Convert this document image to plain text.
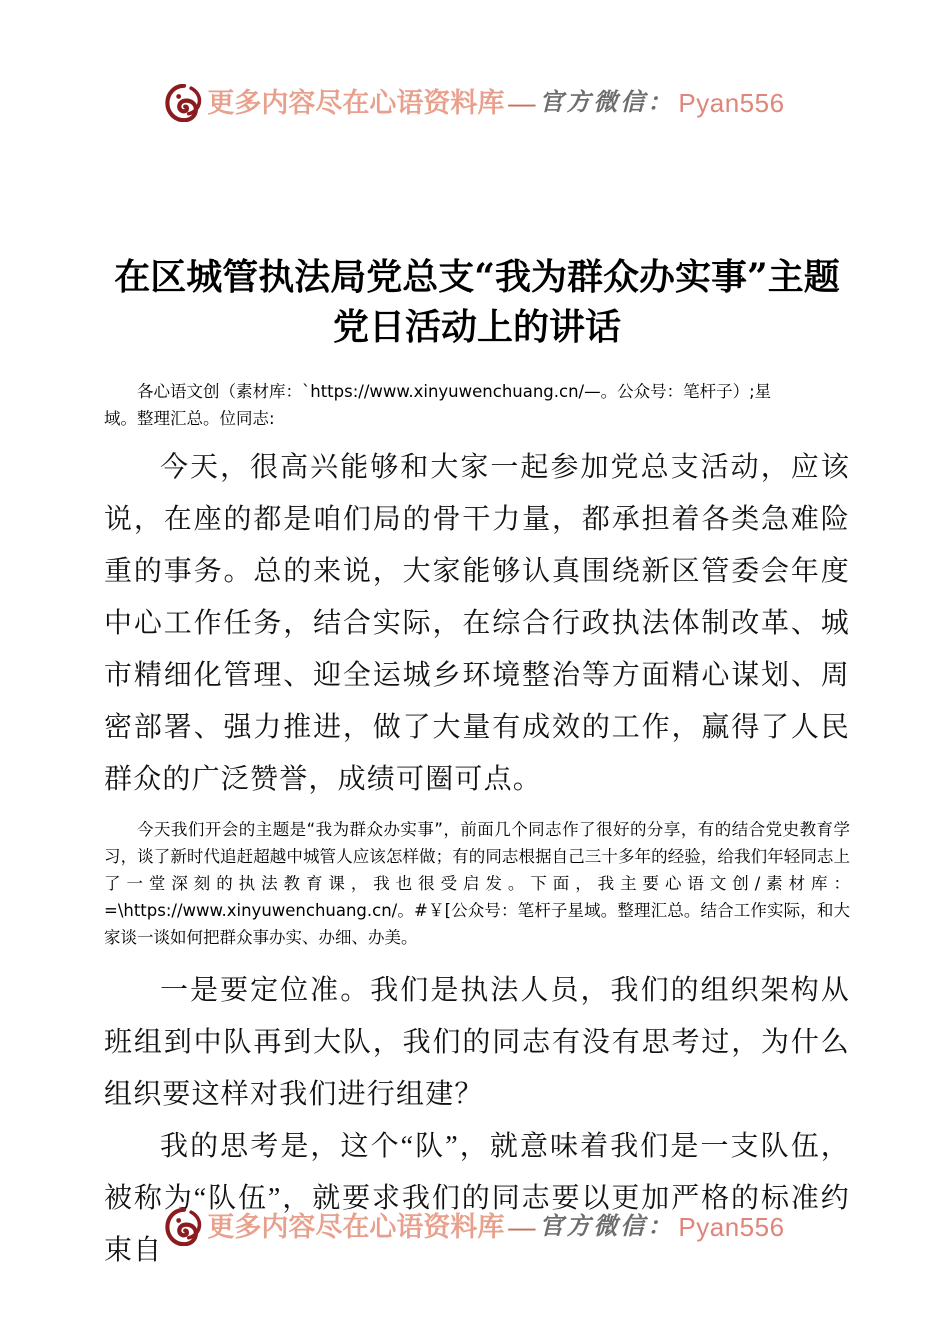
更多内容尽在心语资料库 — 官方微信： Pyan556
在区城管执法局党总支“我为群众办实事”主题党日活动上的讲话

各心语文创（素材库：`https://www.xinyuwenchuang.cn/—。公众号：笔杆子）;星

域。整理汇总。位同志:

今天，很高兴能够和大家一起参加党总支活动，应该说，在座的都是咱们局的骨干力量，都承担着各类急难险重的事务。总的来说，大家能够认真围绕新区管委会年度中心工作任务，结合实际，在综合行政执法体制改革、城市精细化管理、迎全运城乡环境整治等方面精心谋划、周密部署、强力推进，做了大量有成效的工作，赢得了人民群众的广泛赞誉，成绩可圈可点。

今天我们开会的主题是“我为群众办实事”，前面几个同志作了很好的分享，有的结合党史教育学习，谈了新时代追赶超越中城管人应该怎样做；有的同志根据自己三十多年的经验，给我们年轻同志上了一堂深刻的执法教育课，我也很受启发。下面，我主要心语文创/素材库：=\https://www.xinyuwenchuang.cn/。#￥[公众号：笔杆子星域。整理汇总。结合工作实际，和大家谈一谈如何把群众事办实、办细、办美。

一是要定位准。我们是执法人员，我们的组织架构从班组到中队再到大队，我们的同志有没有思考过，为什么组织要这样对我们进行组建？

我的思考是，这个“队”，就意味着我们是一支队伍，被称为“队伍”，就要求我们的同志要以更加严格的标准约束自

更多内容尽在心语资料库 — 官方微信： Pyan556
